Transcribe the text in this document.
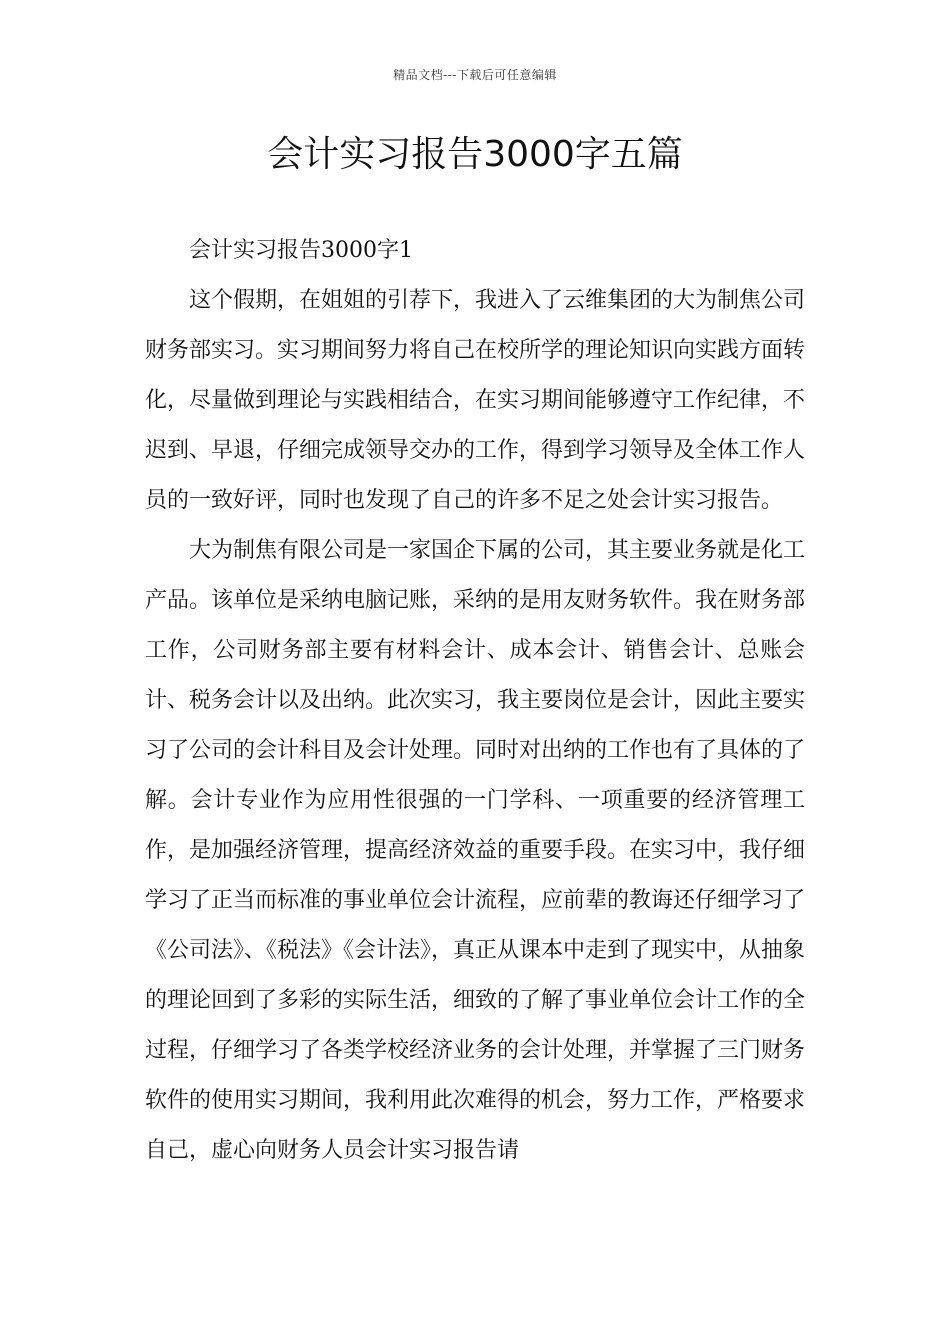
精品文档---下载后可任意编辑
会计实习报告3000字五篇

会计实习报告3000字1

这个假期，在姐姐的引荐下，我进入了云维集团的大为制焦公司财务部实习。实习期间努力将自己在校所学的理论知识向实践方面转化，尽量做到理论与实践相结合，在实习期间能够遵守工作纪律，不迟到、早退，仔细完成领导交办的工作，得到学习领导及全体工作人员的一致好评，同时也发现了自己的许多不足之处会计实习报告。

大为制焦有限公司是一家国企下属的公司，其主要业务就是化工产品。该单位是采纳电脑记账，采纳的是用友财务软件。我在财务部工作，公司财务部主要有材料会计、成本会计、销售会计、总账会计、税务会计以及出纳。此次实习，我主要岗位是会计，因此主要实习了公司的会计科目及会计处理。同时对出纳的工作也有了具体的了解。会计专业作为应用性很强的一门学科、一项重要的经济管理工作，是加强经济管理，提高经济效益的重要手段。在实习中，我仔细学习了正当而标准的事业单位会计流程，应前辈的教诲还仔细学习了《公司法》、《税法》《会计法》，真正从课本中走到了现实中，从抽象的理论回到了多彩的实际生活，细致的了解了事业单位会计工作的全过程，仔细学习了各类学校经济业务的会计处理，并掌握了三门财务软件的使用实习期间，我利用此次难得的机会，努力工作，严格要求自己，虚心向财务人员会计实习报告请
